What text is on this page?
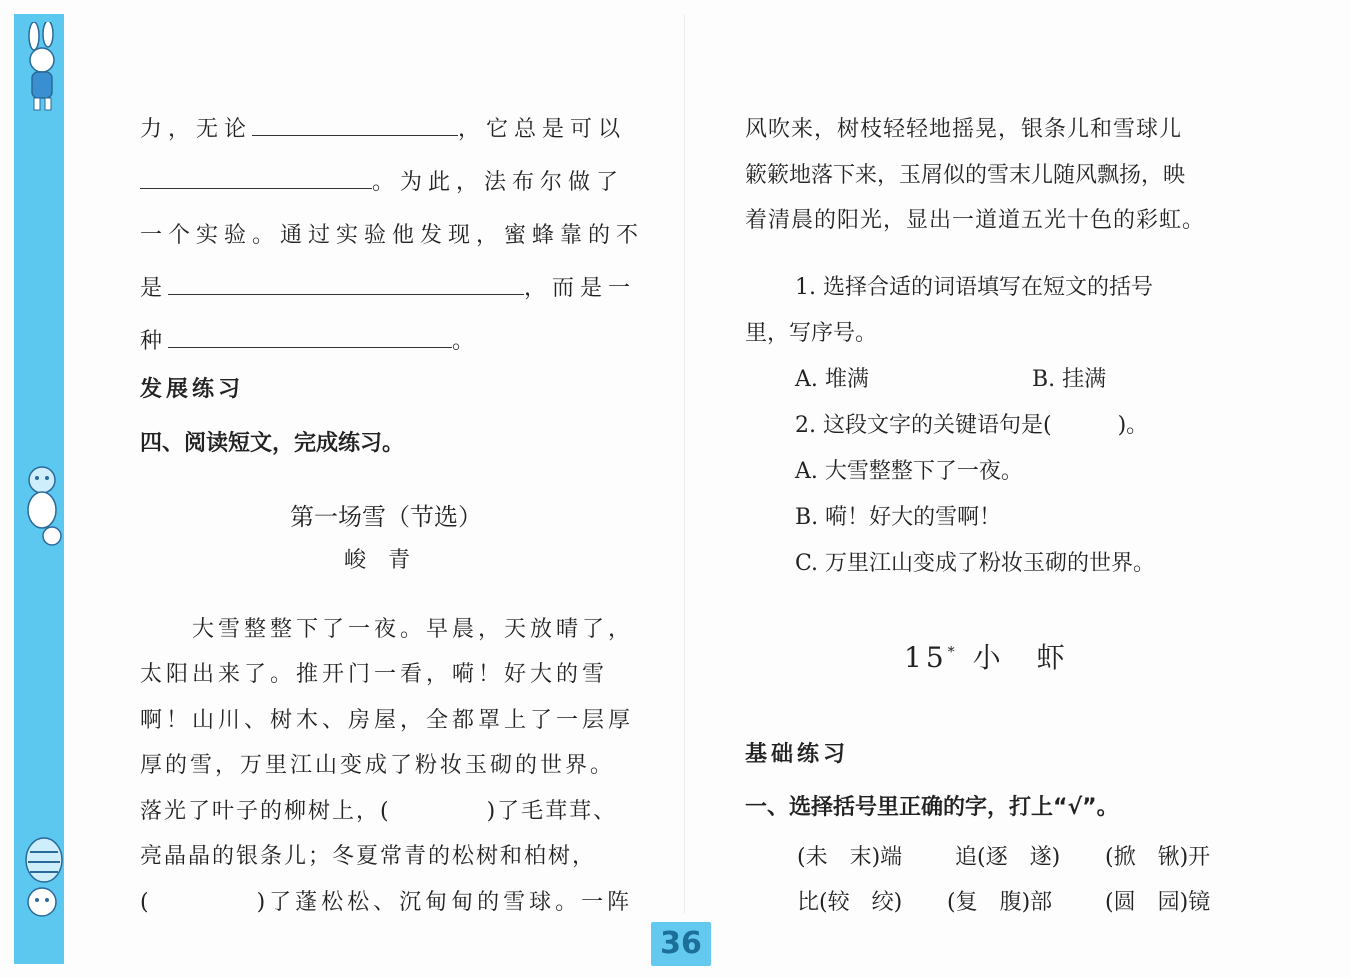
力，无论	，它总是可以
。为此，法布尔做了
一个实验。通过实验他发现，蜜蜂靠的不
是	，而是一
种	。
发展练习
四、阅读短文，完成练习。
第一场雪（节选）
峻　青
大雪整整下了一夜。早晨，天放晴了，
太阳出来了。推开门一看，嗬！好大的雪
啊！山川、树木、房屋，全都罩上了一层厚
厚的雪，万里江山变成了粉妆玉砌的世界。
落光了叶子的柳树上，(　　　　)了毛茸茸、
亮晶晶的银条儿；冬夏常青的松树和柏树，
(　　　　)了蓬松松、沉甸甸的雪球。一阵
风吹来，树枝轻轻地摇晃，银条儿和雪球儿
簌簌地落下来，玉屑似的雪末儿随风飘扬，映
着清晨的阳光，显出一道道五光十色的彩虹。
1. 选择合适的词语填写在短文的括号
里，写序号。
A. 堆满	B. 挂满
2. 这段文字的关键语句是(　　　)。
A. 大雪整整下了一夜。
B. 嗬！好大的雪啊！
C. 万里江山变成了粉妆玉砌的世界。
15* 小　虾
基础练习
一、选择括号里正确的字，打上“√”。
(未　末)端 追(逐　遂) (掀　锹)开
比(较　绞) (复　腹)部 (圆　园)镜
36
